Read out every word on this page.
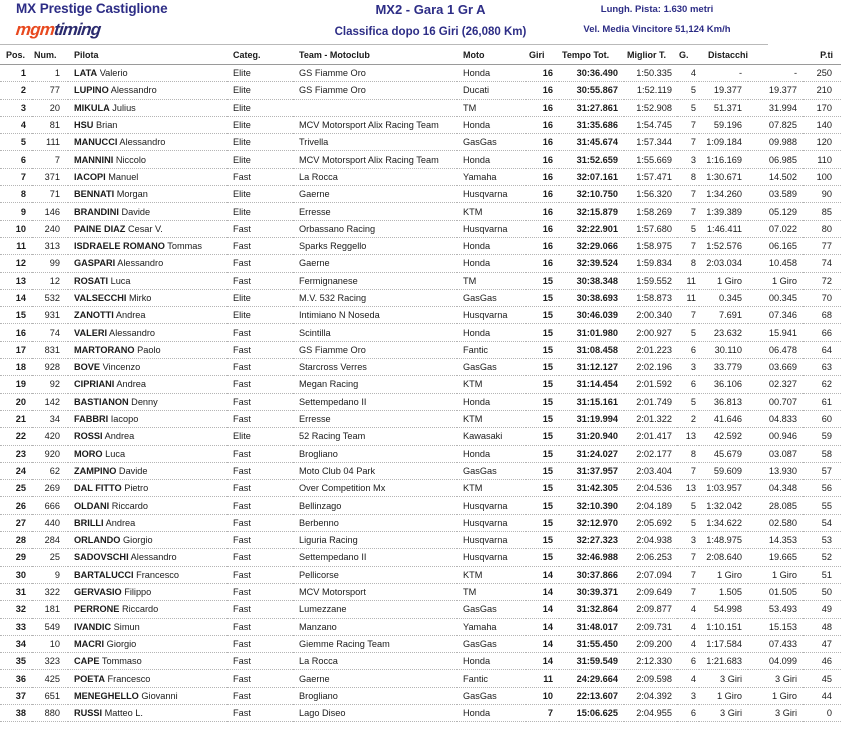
MX Prestige Castiglione
mgmtiming
MX2 - Gara 1 Gr A
Classifica dopo 16 Giri (26,080 Km)
Lungh. Pista: 1.630 metri
Vel. Media Vincitore 51,124 Km/h
Pos.	Num.	Pilota	Categ.	Team - Motoclub	Moto	Giri	Tempo Tot.	Miglior T.	G.	Distacchi		P.ti
1	1	LATA Valerio	Elite	GS Fiamme Oro	Honda	16	30:36.490	1:50.335	4	-	-	250
2	77	LUPINO Alessandro	Elite	GS Fiamme Oro	Ducati	16	30:55.867	1:52.119	5	19.377	19.377	210
3	20	MIKULA Julius	Elite		TM	16	31:27.861	1:52.908	5	51.371	31.994	170
4	81	HSU Brian	Elite	MCV Motorsport Alix Racing Team	Honda	16	31:35.686	1:54.745	7	59.196	07.825	140
5	111	MANUCCI Alessandro	Elite	Trivella	GasGas	16	31:45.674	1:57.344	7	1:09.184	09.988	120
6	7	MANNINI Niccolo	Elite	MCV Motorsport Alix Racing Team	Honda	16	31:52.659	1:55.669	3	1:16.169	06.985	110
7	371	IACOPI Manuel	Fast	La Rocca	Yamaha	16	32:07.161	1:57.471	8	1:30.671	14.502	100
8	71	BENNATI Morgan	Elite	Gaerne	Husqvarna	16	32:10.750	1:56.320	7	1:34.260	03.589	90
9	146	BRANDINI Davide	Elite	Erresse	KTM	16	32:15.879	1:58.269	7	1:39.389	05.129	85
10	240	PAINE DIAZ Cesar V.	Fast	Orbassano Racing	Husqvarna	16	32:22.901	1:57.680	5	1:46.411	07.022	80
11	313	ISDRAELE ROMANO Tommas	Fast	Sparks Reggello	Honda	16	32:29.066	1:58.975	7	1:52.576	06.165	77
12	99	GASPARI Alessandro	Fast	Gaerne	Honda	16	32:39.524	1:59.834	8	2:03.034	10.458	74
13	12	ROSATI Luca	Fast	Fermignanese	TM	15	30:38.348	1:59.552	11	1 Giro	1 Giro	72
14	532	VALSECCHI Mirko	Elite	M.V. 532 Racing	GasGas	15	30:38.693	1:58.873	11	0.345	00.345	70
15	931	ZANOTTI Andrea	Elite	Intimiano N Noseda	Husqvarna	15	30:46.039	2:00.340	7	7.691	07.346	68
16	74	VALERI Alessandro	Fast	Scintilla	Honda	15	31:01.980	2:00.927	5	23.632	15.941	66
17	831	MARTORANO Paolo	Fast	GS Fiamme Oro	Fantic	15	31:08.458	2:01.223	6	30.110	06.478	64
18	928	BOVE Vincenzo	Fast	Starcross Verres	GasGas	15	31:12.127	2:02.196	3	33.779	03.669	63
19	92	CIPRIANI Andrea	Fast	Megan Racing	KTM	15	31:14.454	2:01.592	6	36.106	02.327	62
20	142	BASTIANON Denny	Fast	Settempedano II	Honda	15	31:15.161	2:01.749	5	36.813	00.707	61
21	34	FABBRI Iacopo	Fast	Erresse	KTM	15	31:19.994	2:01.322	2	41.646	04.833	60
22	420	ROSSI Andrea	Elite	52 Racing Team	Kawasaki	15	31:20.940	2:01.417	13	42.592	00.946	59
23	920	MORO Luca	Fast	Brogliano	Honda	15	31:24.027	2:02.177	8	45.679	03.087	58
24	62	ZAMPINO Davide	Fast	Moto Club 04 Park	GasGas	15	31:37.957	2:03.404	7	59.609	13.930	57
25	269	DAL FITTO Pietro	Fast	Over Competition Mx	KTM	15	31:42.305	2:04.536	13	1:03.957	04.348	56
26	666	OLDANI Riccardo	Fast	Bellinzago	Husqvarna	15	32:10.390	2:04.189	5	1:32.042	28.085	55
27	440	BRILLI Andrea	Fast	Berbenno	Husqvarna	15	32:12.970	2:05.692	5	1:34.622	02.580	54
28	284	ORLANDO Giorgio	Fast	Liguria Racing	Husqvarna	15	32:27.323	2:04.938	3	1:48.975	14.353	53
29	25	SADOVSCHI Alessandro	Fast	Settempedano II	Husqvarna	15	32:46.988	2:06.253	7	2:08.640	19.665	52
30	9	BARTALUCCI Francesco	Fast	Pellicorse	KTM	14	30:37.866	2:07.094	7	1 Giro	1 Giro	51
31	322	GERVASIO Filippo	Fast	MCV Motorsport	TM	14	30:39.371	2:09.649	7	1.505	01.505	50
32	181	PERRONE Riccardo	Fast	Lumezzane	GasGas	14	31:32.864	2:09.877	4	54.998	53.493	49
33	549	IVANDIC Simun	Fast	Manzano	Yamaha	14	31:48.017	2:09.731	4	1:10.151	15.153	48
34	10	MACRI Giorgio	Fast	Giemme Racing Team	GasGas	14	31:55.450	2:09.200	4	1:17.584	07.433	47
35	323	CAPE Tommaso	Fast	La Rocca	Honda	14	31:59.549	2:12.330	6	1:21.683	04.099	46
36	425	POETA Francesco	Fast	Gaerne	Fantic	11	24:29.664	2:09.598	4	3 Giri	3 Giri	45
37	651	MENEGHELLO Giovanni	Fast	Brogliano	GasGas	10	22:13.607	2:04.392	3	1 Giro	1 Giro	44
38	880	RUSSI Matteo L.	Fast	Lago Diseo	Honda	7	15:06.625	2:04.955	6	3 Giri	3 Giri	0
